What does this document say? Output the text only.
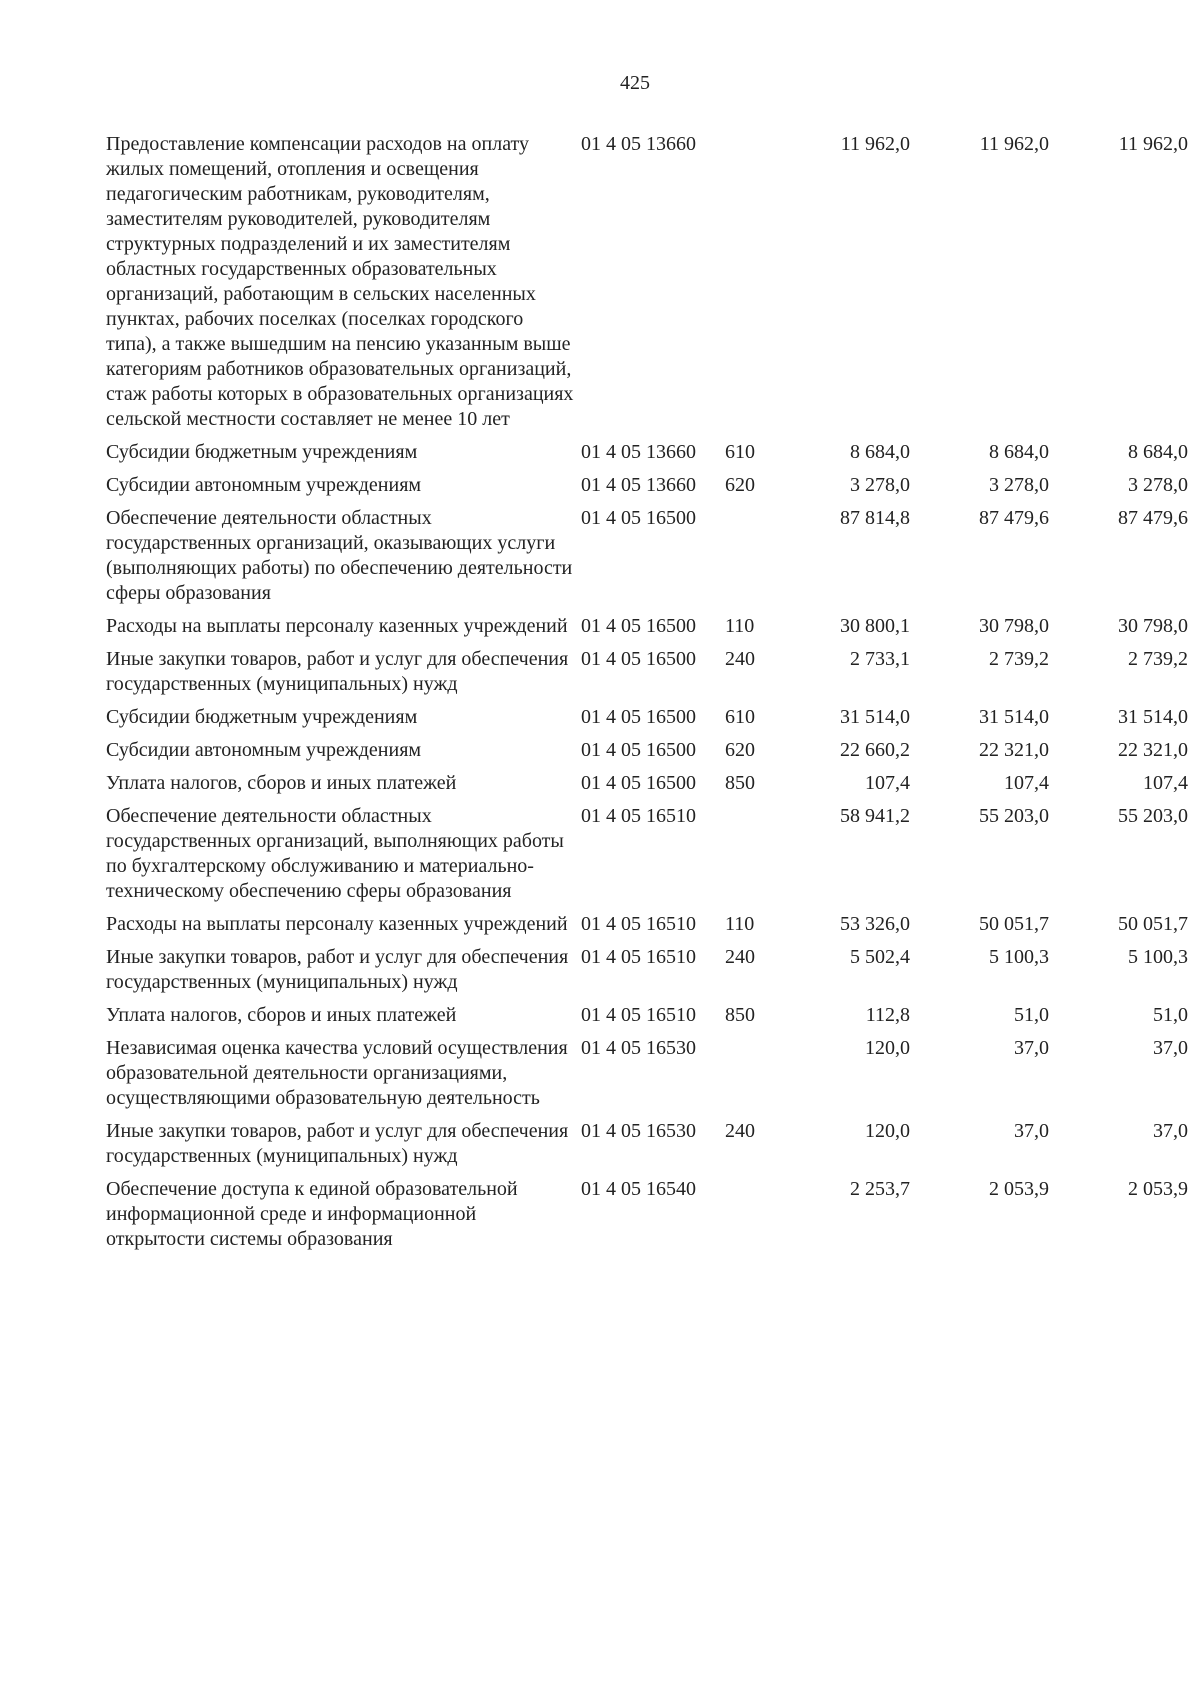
425
Предоставление компенсации расходов на оплату жилых помещений, отопления и освещения педагогическим работникам, руководителям, заместителям руководителей, руководителям структурных подразделений и их заместителям областных государственных образовательных организаций, работающим в сельских населенных пунктах, рабочих поселках (поселках городского типа), а также вышедшим на пенсию указанным выше категориям работников образовательных организаций, стаж работы которых в образовательных организациях сельской местности составляет не менее 10 лет	01 4 05 13660		11 962,0	11 962,0	11 962,0
Субсидии бюджетным учреждениям	01 4 05 13660	610	8 684,0	8 684,0	8 684,0
Субсидии автономным учреждениям	01 4 05 13660	620	3 278,0	3 278,0	3 278,0
Обеспечение деятельности областных государственных организаций, оказывающих услуги (выполняющих работы) по обеспечению деятельности сферы образования	01 4 05 16500		87 814,8	87 479,6	87 479,6
Расходы на выплаты персоналу казенных учреждений	01 4 05 16500	110	30 800,1	30 798,0	30 798,0
Иные закупки товаров, работ и услуг для обеспечения государственных (муниципальных) нужд	01 4 05 16500	240	2 733,1	2 739,2	2 739,2
Субсидии бюджетным учреждениям	01 4 05 16500	610	31 514,0	31 514,0	31 514,0
Субсидии автономным учреждениям	01 4 05 16500	620	22 660,2	22 321,0	22 321,0
Уплата налогов, сборов и иных платежей	01 4 05 16500	850	107,4	107,4	107,4
Обеспечение деятельности областных государственных организаций, выполняющих работы по бухгалтерскому обслуживанию и материально-техническому обеспечению сферы образования	01 4 05 16510		58 941,2	55 203,0	55 203,0
Расходы на выплаты персоналу казенных учреждений	01 4 05 16510	110	53 326,0	50 051,7	50 051,7
Иные закупки товаров, работ и услуг для обеспечения государственных (муниципальных) нужд	01 4 05 16510	240	5 502,4	5 100,3	5 100,3
Уплата налогов, сборов и иных платежей	01 4 05 16510	850	112,8	51,0	51,0
Независимая оценка качества условий осуществления образовательной деятельности организациями, осуществляющими образовательную деятельность	01 4 05 16530		120,0	37,0	37,0
Иные закупки товаров, работ и услуг для обеспечения государственных (муниципальных) нужд	01 4 05 16530	240	120,0	37,0	37,0
Обеспечение доступа к единой образовательной информационной среде и информационной открытости системы образования	01 4 05 16540		2 253,7	2 053,9	2 053,9
